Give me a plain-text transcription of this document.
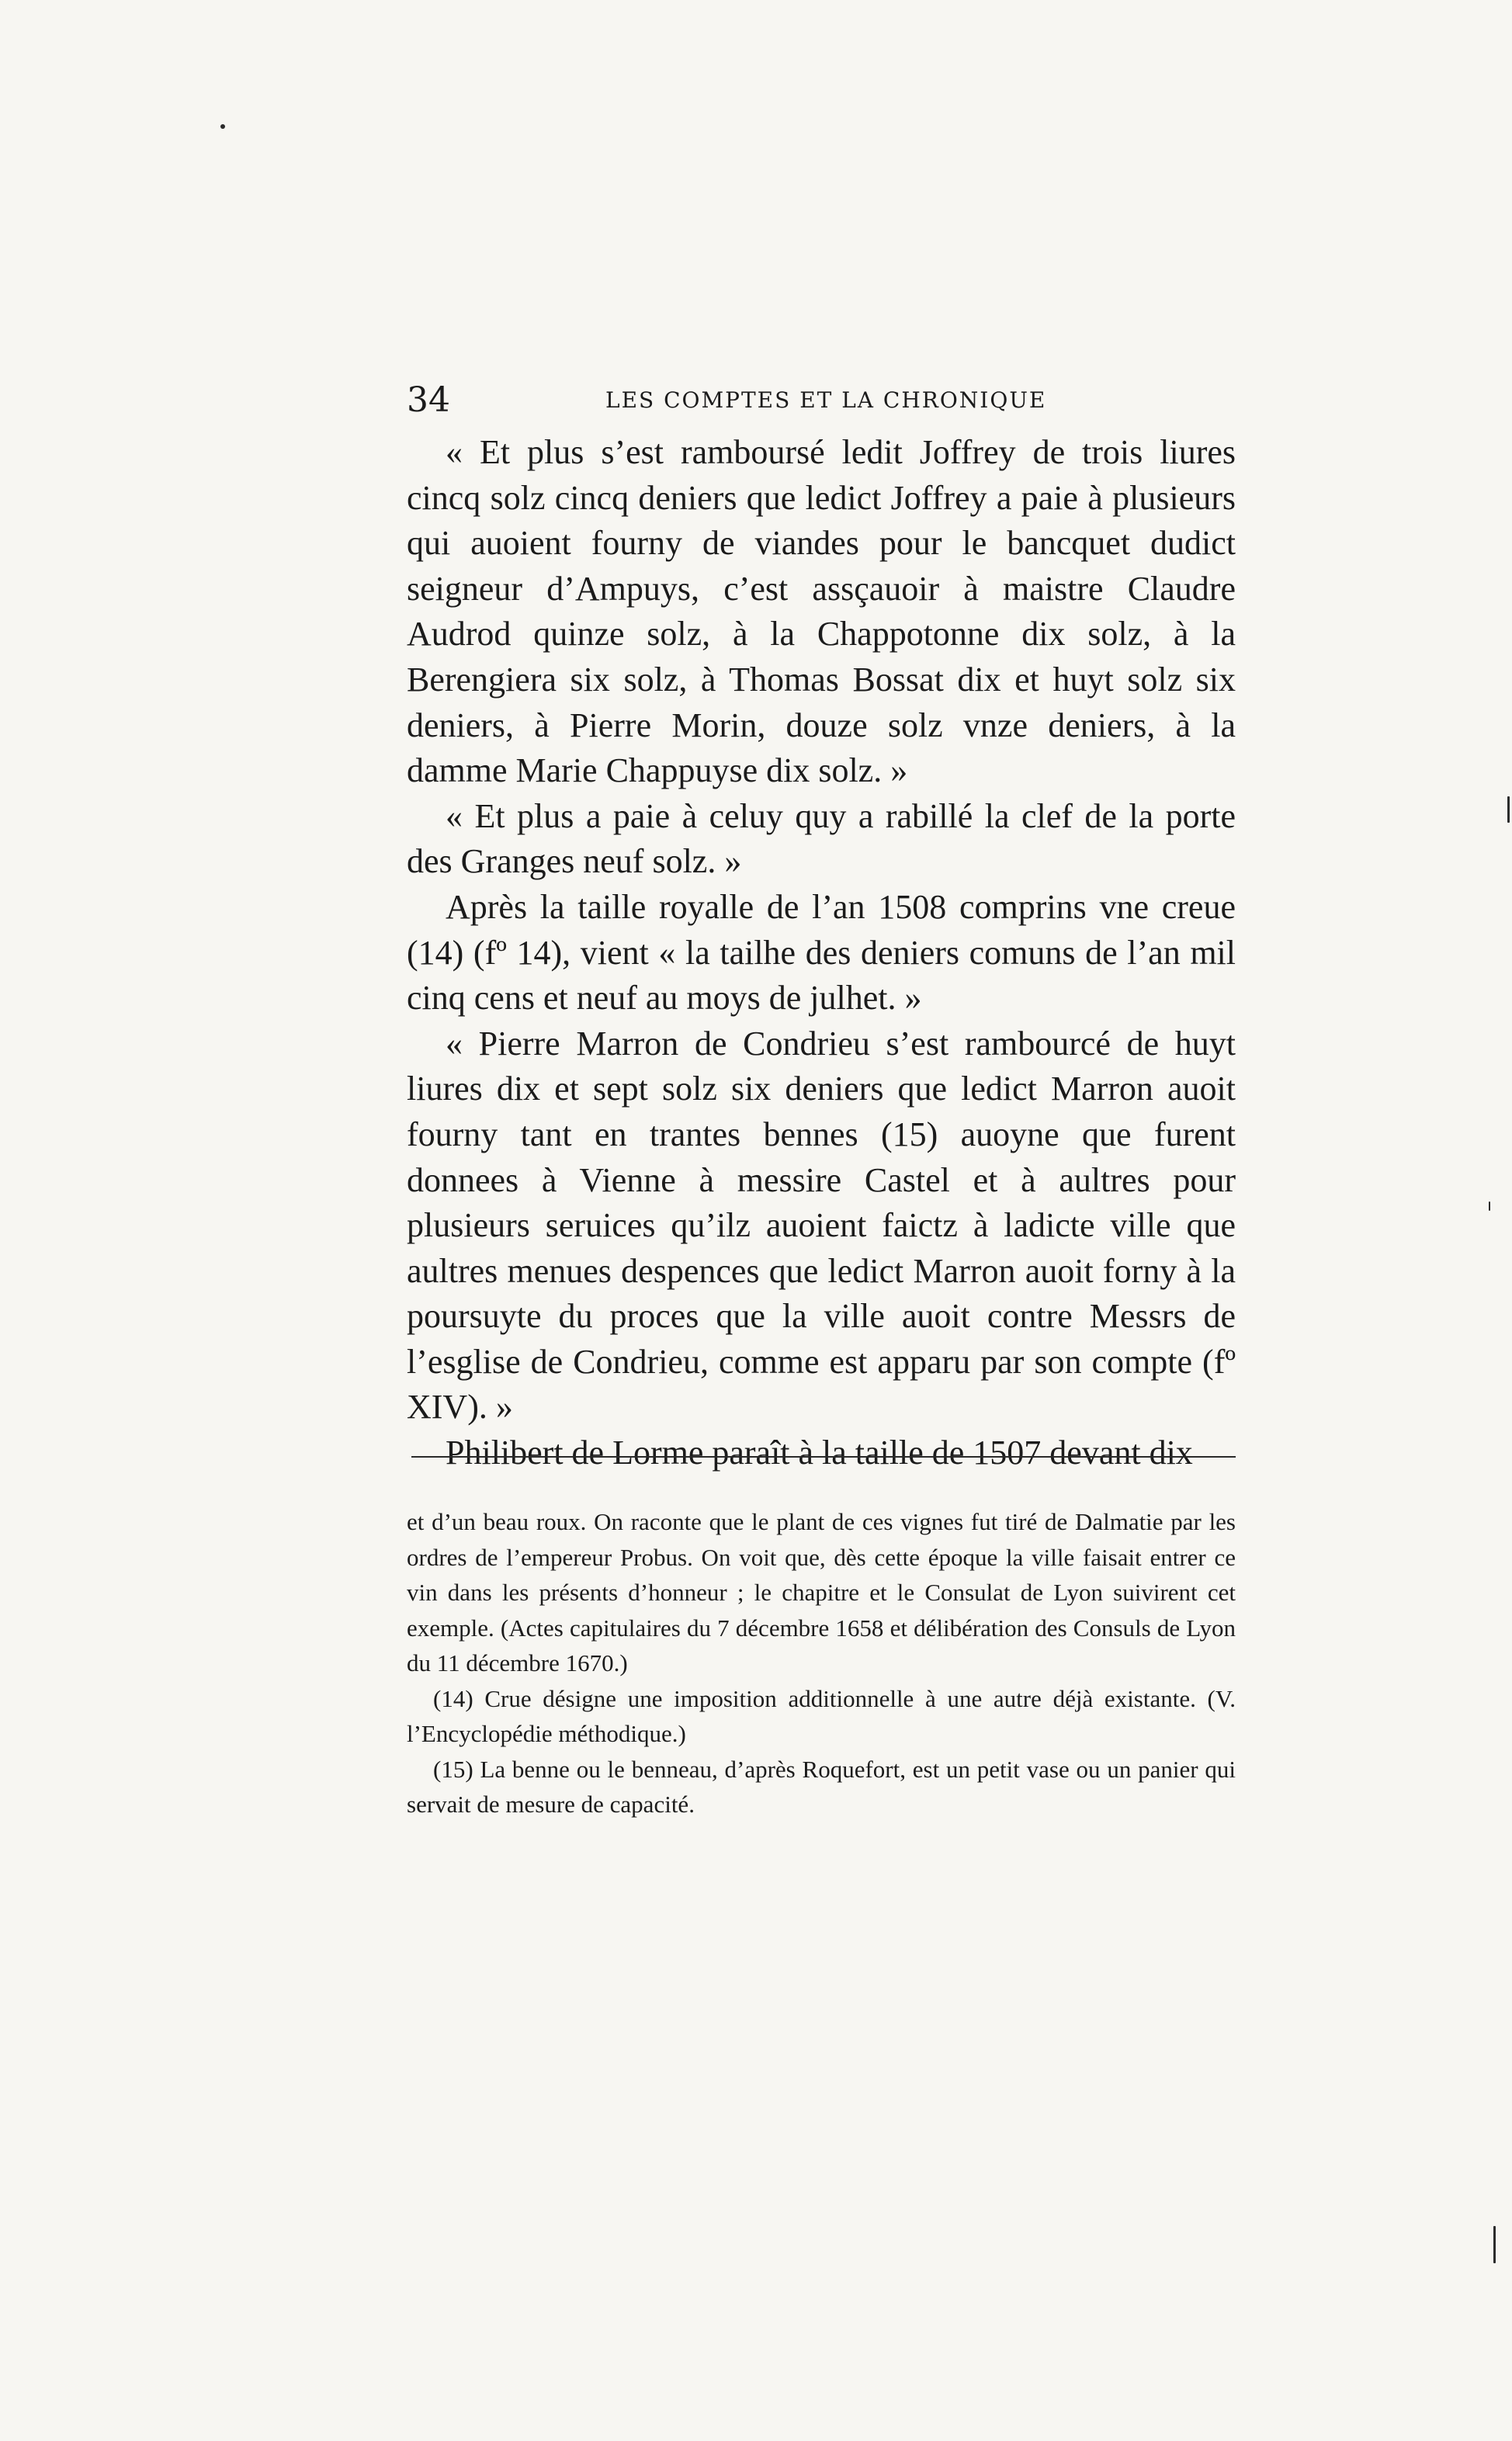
34	LES COMPTES ET LA CHRONIQUE

« Et plus s’est ramboursé ledit Joffrey de trois liures cincq solz cincq deniers que ledict Joffrey a paie à plusieurs qui auoient fourny de viandes pour le bancquet dudict seigneur d’Ampuys, c’est assçauoir à maistre Claudre Audrod quinze solz, à la Chappotonne dix solz, à la Berengiera six solz, à Thomas Bossat dix et huyt solz six deniers, à Pierre Morin, douze solz vnze deniers, à la damme Marie Chappuyse dix solz. »

« Et plus a paie à celuy quy a rabillé la clef de la porte des Granges neuf solz. »

Après la taille royalle de l’an 1508 comprins vne creue (14) (fº 14), vient « la tailhe des deniers comuns de l’an mil cinq cens et neuf au moys de julhet. »

« Pierre Marron de Condrieu s’est rambourcé de huyt liures dix et sept solz six deniers que ledict Marron auoit fourny tant en trantes bennes (15) auoyne que furent donnees à Vienne à messire Castel et à aultres pour plusieurs seruices qu’ilz auoient faictz à ladicte ville que aultres menues despences que ledict Marron auoit forny à la poursuyte du proces que la ville auoit contre Messrs de l’esglise de Condrieu, comme est apparu par son compte (fº XIV). »

Philibert de Lorme paraît à la taille de 1507 devant dix

et d’un beau roux. On raconte que le plant de ces vignes fut tiré de Dalmatie par les ordres de l’empereur Probus. On voit que, dès cette époque la ville faisait entrer ce vin dans les présents d’honneur ; le chapitre et le Consulat de Lyon suivirent cet exemple. (Actes capitulaires du 7 décembre 1658 et délibération des Consuls de Lyon du 11 décembre 1670.)

(14) Crue désigne une imposition additionnelle à une autre déjà existante. (V. l’Encyclopédie méthodique.)

(15) La benne ou le benneau, d’après Roquefort, est un petit vase ou un panier qui servait de mesure de capacité.
